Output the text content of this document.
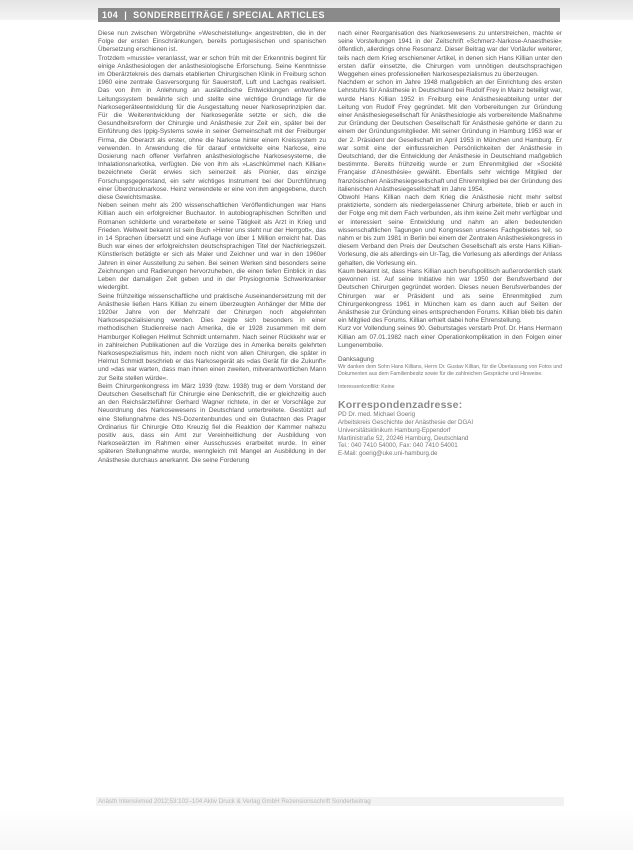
104 | SONDERBEITRÄGE / SPECIAL ARTICLES

Diese nun zwischen Wörgebrühe »Weschelstellung« angestrebten, die in der Folge der ersten Einschränkungen, bereits portugiesischen und spanischen Übersetzung erschienen ist.

Trotzdem »musste« veranlasst, war er schon früh mit der Erkenntnis beginnt für einige Anästhesiologen der anästhesiologische Erforschung. Seine Kenntnisse im Oberärztekreis des damals etablierten Chirurgischen Klinik in Freiburg schon 1960 eine zentrale Gasversorgung für Sauerstoff, Luft und Lachgas realisiert. Das von ihm in Anlehnung an ausländische Entwicklungen entworfene Leitungssystem bewährte sich und stellte eine wichtige Grundlage für die Narkosegeräteentwicklung für die Ausgestaltung neuer Narkoseprinzipien dar. Für die Weiterentwicklung der Narkosegeräte setzte er sich, die die Gesundheitsreform der Chirurgie und Anästhesie zur Zeit ein, später bei der Einführung des Ippig-Systems sowie in seiner Gemeinschaft mit der Freiburger Firma, die Oberarzt als erster, ohne die Narkose hinter einem Kreissystem zu verwenden. In Anwendung die für darauf entwickelte eine Narkose, eine Dosierung nach offener Verfahren anästhesiologische Narkosesysteme, die Inhalationsnarkotika, verfügten. Die von ihm als »Laschkümmel nach Killian« bezeichnete Gerät erwies sich seinerzeit als Pionier, das einzige Forschungsgegenstand, ein sehr wichtiges Instrument bei der Durchführung einer Überdrucknarkose. Heinz verwendete er eine von ihm angegebene, durch diese Gewichtsmaske.

Neben seinen mehr als 200 wissenschaftlichen Veröffentlichungen war Hans Killian auch ein erfolgreicher Buchautor. In autobiographischen Schriften und Romanen schilderte und verarbeitete er seine Tätigkeit als Arzt in Krieg und Frieden. Weltweit bekannt ist sein Buch »Hinter uns steht nur der Herrgott«, das in 14 Sprachen übersetzt und eine Auflage von über 1 Million erreicht hat. Das Buch war eines der erfolgreichsten deutschsprachigen Titel der Nachkriegszeit. Künstlerisch betätigte er sich als Maler und Zeichner und war in den 1960er Jahren in einer Ausstellung zu sehen. Bei seinen Werken sind besonders seine Zeichnungen und Radierungen hervorzuheben, die einen tiefen Einblick in das Leben der damaligen Zeit geben und in der Physiognomie Schwerkranker wiedergibt.

Seine frühzeitige wissenschaftliche und praktische Auseinandersetzung mit der Anästhesie ließen Hans Killian zu einem überzeugten Anhänger der Mitte der 1920er Jahre von der Mehrzahl der Chirurgen noch abgelehnten Narkosespezialisierung werden. Dies zeigte sich besonders in einer methodischen Studienreise nach Amerika, die er 1928 zusammen mit dem Hamburger Kollegen Hellmut Schmidt unternahm. Nach seiner Rückkehr war er in zahlreichen Publikationen auf die Vorzüge des in Amerika bereits gelehrten Narkosespezialismus hin, indem noch nicht von allen Chirurgen, die später in Helmut Schmidt beschrieb er das Narkosegerät als »das Gerät für die Zukunft« und »das war warten, dass man ihnen einen zweiten, mitverantwortlichen Mann zur Seite stellen würde«.

Beim Chirurgenkongress im März 1939 (bzw. 1938) trug er dem Vorstand der Deutschen Gesellschaft für Chirurgie eine Denkschrift, die er gleichzeitig auch an den Reichsärzteführer Gerhard Wagner richtete, in der er Vorschläge zur Neuordnung des Narkosewesens in Deutschland unterbreitete. Gestützt auf eine Stellungnahme des NS-Dozentenbundes und ein Gutachten des Prager Ordinarius für Chirurgie Otto Kreuzig fiel die Reaktion der Kammer nahezu positiv aus, dass ein Amt zur Vereinheitlichung der Ausbildung von Narkoseärzten im Rahmen einer Ausschusses erarbeitet wurde. In einer späteren Stellungnahme wurde, wenngleich mit Mangel an Ausbildung in der Anästhesie durchaus anerkannt. Die seine Forderung

nach einer Reorganisation des Narkosewesens zu unterstreichen, machte er seine Vorstellungen 1941 in der Zeitschrift »Schmerz-Narkose-Anaesthesie« öffentlich, allerdings ohne Resonanz. Dieser Beitrag war der Vorläufer weiterer, teils nach dem Krieg erschienener Artikel, in denen sich Hans Killian unter den ersten dafür einsetzte, die Chirurgen vom unnötigen deutschsprachigen Weggehen eines professionellen Narkosespezialismus zu überzeugen.

Nachdem er schon im Jahre 1948 maßgeblich an der Einrichtung des ersten Lehrstuhls für Anästhesie in Deutschland bei Rudolf Frey in Mainz beteiligt war, wurde Hans Killian 1952 in Freiburg eine Anästhesieabteilung unter der Leitung von Rudolf Frey gegründet. Mit den Vorbereitungen zur Gründung einer Anästhesiegesellschaft für Anästhesiologie als vorbereitende Maßnahme zur Gründung der Deutschen Gesellschaft für Anästhesie gehörte er dann zu einem der Gründungsmitglieder. Mit seiner Gründung in Hamburg 1953 war er der 2. Präsident der Gesellschaft im April 1953 in München und Hamburg. Er war somit eine der einflussreichen Persönlichkeiten der Anästhesie in Deutschland, der die Entwicklung der Anästhesie in Deutschland maßgeblich bestimmte. Bereits frühzeitig wurde er zum Ehrenmitglied der »Société Française d'Anesthésie« gewählt. Ebenfalls sehr wichtige Mitglied der französischen Anästhesiegesellschaft und Ehrenmitglied bei der Gründung des italienischen Anästhesiegesellschaft im Jahre 1954.

Obwohl Hans Killian nach dem Krieg die Anästhesie nicht mehr selbst praktizierte, sondern als niedergelassener Chirurg arbeitete, blieb er auch in der Folge eng mit dem Fach verbunden, als ihm keine Zeit mehr verfügbar und er interessiert seine Entwicklung und nahm an allen bedeutenden wissenschaftlichen Tagungen und Kongressen unseres Fachgebietes teil, so nahm er bis zum 1981 in Berlin bei einem der Zentralen Anästhesiekongress in diesem Verband den Preis der Deutschen Gesellschaft als erste Hans Killian-Vorlesung, die als allerdings ein Ur-Tag, die Vorlesung als allerdings der Anlass gehalten, die Vorlesung ein.

Kaum bekannt ist, dass Hans Killian auch berufspolitisch außerordentlich stark gewonnen ist. Auf seine Initiative hin war 1950 der Berufsverband der Deutschen Chirurgen gegründet worden. Dieses neuen Berufsverbandes der Chirurgen war er Präsident und als seine Ehrenmitglied zum Chirurgenkongress 1961 in München kam es dann auch auf Seiten der Anästhesie zur Gründung eines entsprechenden Forums. Killian blieb bis dahin ein Mitglied des Forums. Killian erhielt dabei hohe Ehrenstellung.

Kurz vor Vollendung seines 90. Geburtstages verstarb Prof. Dr. Hans Hermann Killian am 07.01.1982 nach einer Operationkomplikation in den Folgen einer Lungenembolie.

Danksagung
Wir danken dem Sohn Hans Killians, Herrn Dr. Gustav Killian, für die Überlassung von Fotos und Dokumenten aus dem Familienbesitz sowie für die zahlreichen Gespräche und Hinweise.
Interessenkonflikt: Keine
Korrespondenzadresse:
PD Dr. med. Michael Goerig
Arbeitskreis Geschichte der Anästhesie der DGAI
Universitätsklinikum Hamburg-Eppendorf
Martinistraße 52, 20246 Hamburg, Deutschland
Tel.: 040 7410 54000, Fax: 040 7410 54001
E-Mail: goerig@uke.uni-hamburg.de
Anästh Intensivmed 2012;53:102–104 Aktiv Druck & Verlag GmbH Rezensionsschrift Sonderbeitrag
